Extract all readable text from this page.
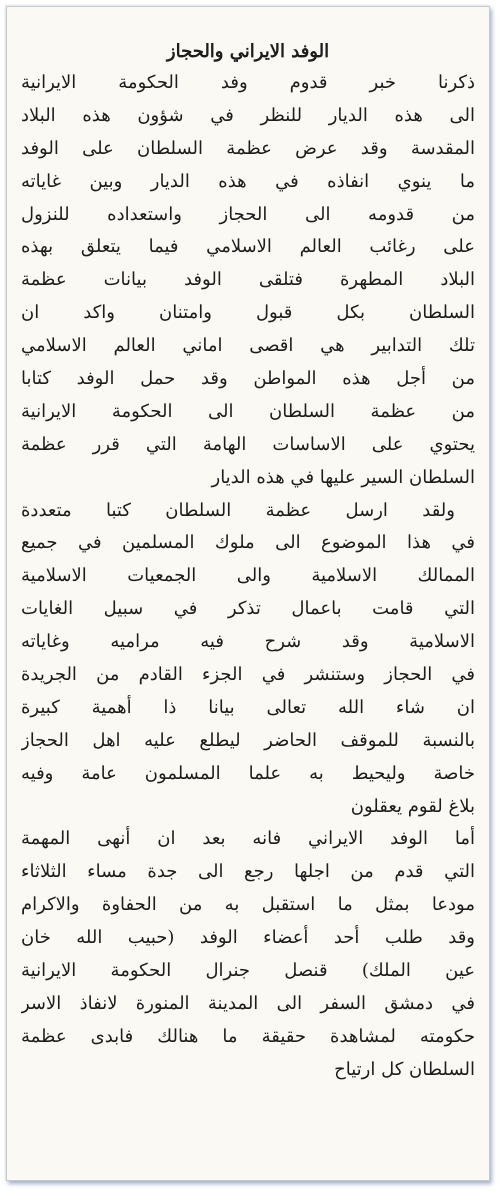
الوفد الايراني والحجاز
ذكرنا خبر قدوم وفد الحكومة الايرانية
الى هذه الديار للنظر في شؤون هذه البلاد
المقدسة وقد عرض عظمة السلطان على الوفد
ما ينوي انفاذه في هذه الديار وبين غاياته
من قدومه الى الحجاز واستعداده للنزول
على رغائب العالم الاسلامي فيما يتعلق بهذه
البلاد المطهرة فتلقى الوفد بيانات عظمة
السلطان بكل قبول وامتنان واكد ان
تلك التدابير هي اقصى اماني العالم الاسلامي
من أجل هذه المواطن وقد حمل الوفد كتابا
من عظمة السلطان الى الحكومة الايرانية
يحتوي على الاساسات الهامة التي قرر عظمة
السلطان السير عليها في هذه الديار
ولقد ارسل عظمة السلطان كتبا متعددة
في هذا الموضوع الى ملوك المسلمين في جميع
الممالك الاسلامية والى الجمعيات الاسلامية
التي قامت باعمال تذكر في سبيل الغايات
الاسلامية وقد شرح فيه مراميه وغاياته
في الحجاز وستنشر في الجزء القادم من الجريدة
ان شاء الله تعالى بيانا ذا أهمية كبيرة
بالنسبة للموقف الحاضر ليطلع عليه اهل الحجاز
خاصة وليحيط به علما المسلمون عامة وفيه
بلاغ لقوم يعقلون
أما الوفد الايراني فانه بعد ان أنهى المهمة
التي قدم من اجلها رجع الى جدة مساء الثلاثاء
مودعا بمثل ما استقبل به من الحفاوة والاكرام
وقد طلب أحد أعضاء الوفد (حبيب الله خان
عين الملك) قنصل جنرال الحكومة الايرانية
في دمشق السفر الى المدينة المنورة لانفاذ الاسر
حكومته لمشاهدة حقيقة ما هنالك فابدى عظمة
السلطان كل ارتياح
